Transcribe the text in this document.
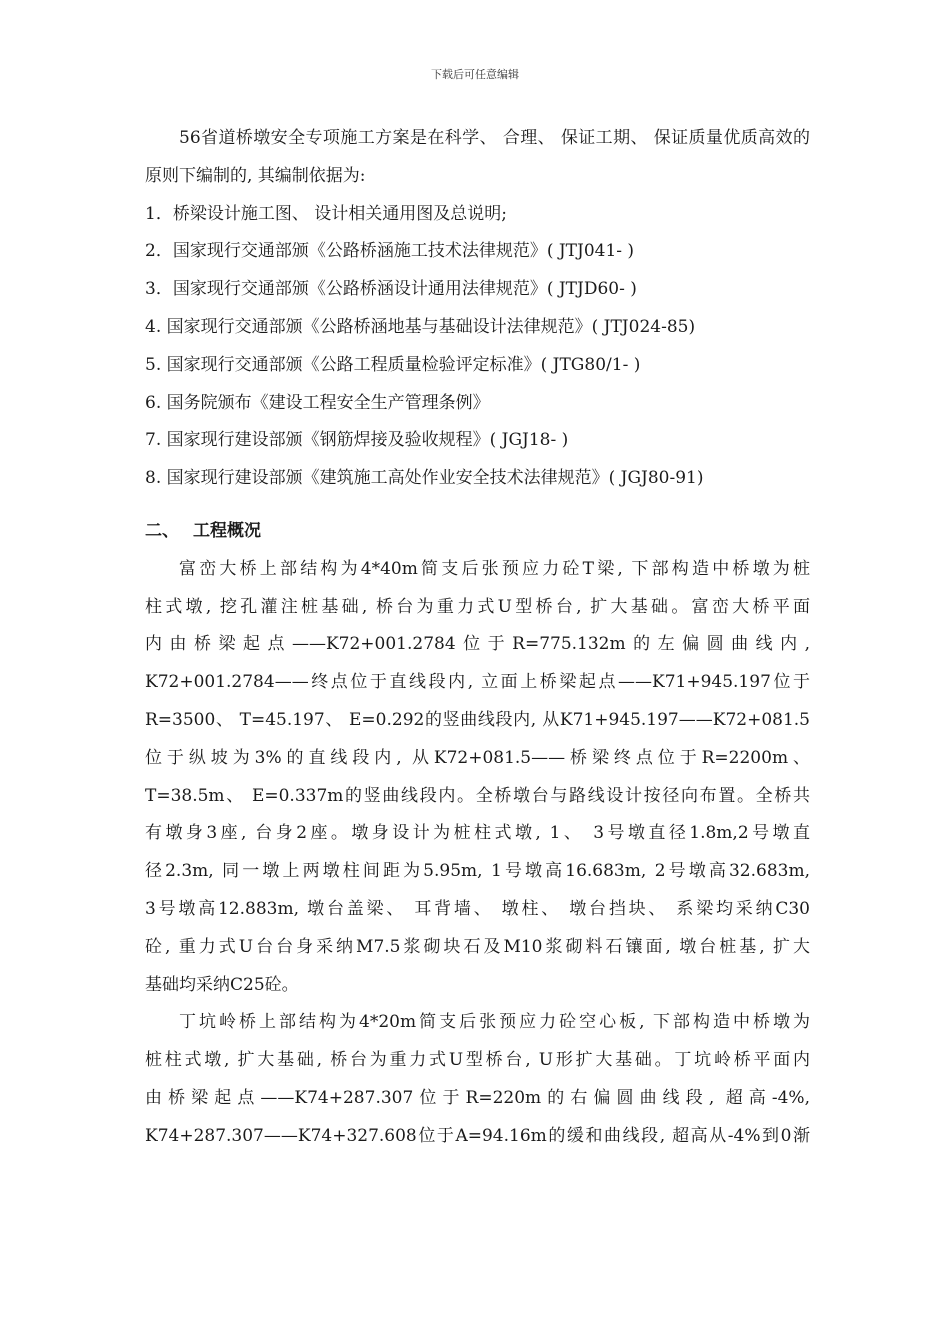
下载后可任意编辑

56省道桥墩安全专项施工方案是在科学、 合理、 保证工期、 保证质量优质高效的原则下编制的, 其编制依据为:

1．桥梁设计施工图、 设计相关通用图及总说明;

2．国家现行交通部颁《公路桥涵施工技术法律规范》( JTJ041- )

3．国家现行交通部颁《公路桥涵设计通用法律规范》( JTJD60- )

4. 国家现行交通部颁《公路桥涵地基与基础设计法律规范》( JTJ024-85)

5. 国家现行交通部颁《公路工程质量检验评定标准》( JTG80/1- )

6. 国务院颁布《建设工程安全生产管理条例》

7. 国家现行建设部颁《钢筋焊接及验收规程》( JGJ18- )

8. 国家现行建设部颁《建筑施工高处作业安全技术法律规范》( JGJ80-91)

二、 工程概况

富峦大桥上部结构为4*40m简支后张预应力砼T梁, 下部构造中桥墩为桩

柱式墩, 挖孔灌注桩基础, 桥台为重力式U型桥台, 扩大基础。富峦大桥平面

内由桥梁起点——K72+001.2784位于R=775.132m的左偏圆曲线内,

K72+001.2784——终点位于直线段内, 立面上桥梁起点——K71+945.197位于

R=3500、 T=45.197、 E=0.292的竖曲线段内, 从K71+945.197——K72+081.5

位于纵坡为3%的直线段内, 从K72+081.5——桥梁终点位于R=2200m、

T=38.5m、 E=0.337m的竖曲线段内。全桥墩台与路线设计按径向布置。全桥共

有墩身3座, 台身2座。墩身设计为桩柱式墩, 1、 3号墩直径1.8m,2号墩直

径2.3m, 同一墩上两墩柱间距为5.95m, 1号墩高16.683m, 2号墩高32.683m,

3号墩高12.883m, 墩台盖梁、 耳背墙、 墩柱、 墩台挡块、 系梁均采纳C30

砼, 重力式U台台身采纳M7.5浆砌块石及M10浆砌料石镶面, 墩台桩基, 扩大

基础均采纳C25砼。

丁坑岭桥上部结构为4*20m简支后张预应力砼空心板, 下部构造中桥墩为

桩柱式墩, 扩大基础, 桥台为重力式U型桥台, U形扩大基础。丁坑岭桥平面内

由桥梁起点——K74+287.307位于R=220m的右偏圆曲线段, 超高-4%,

K74+287.307——K74+327.608位于A=94.16m的缓和曲线段, 超高从-4%到0渐
